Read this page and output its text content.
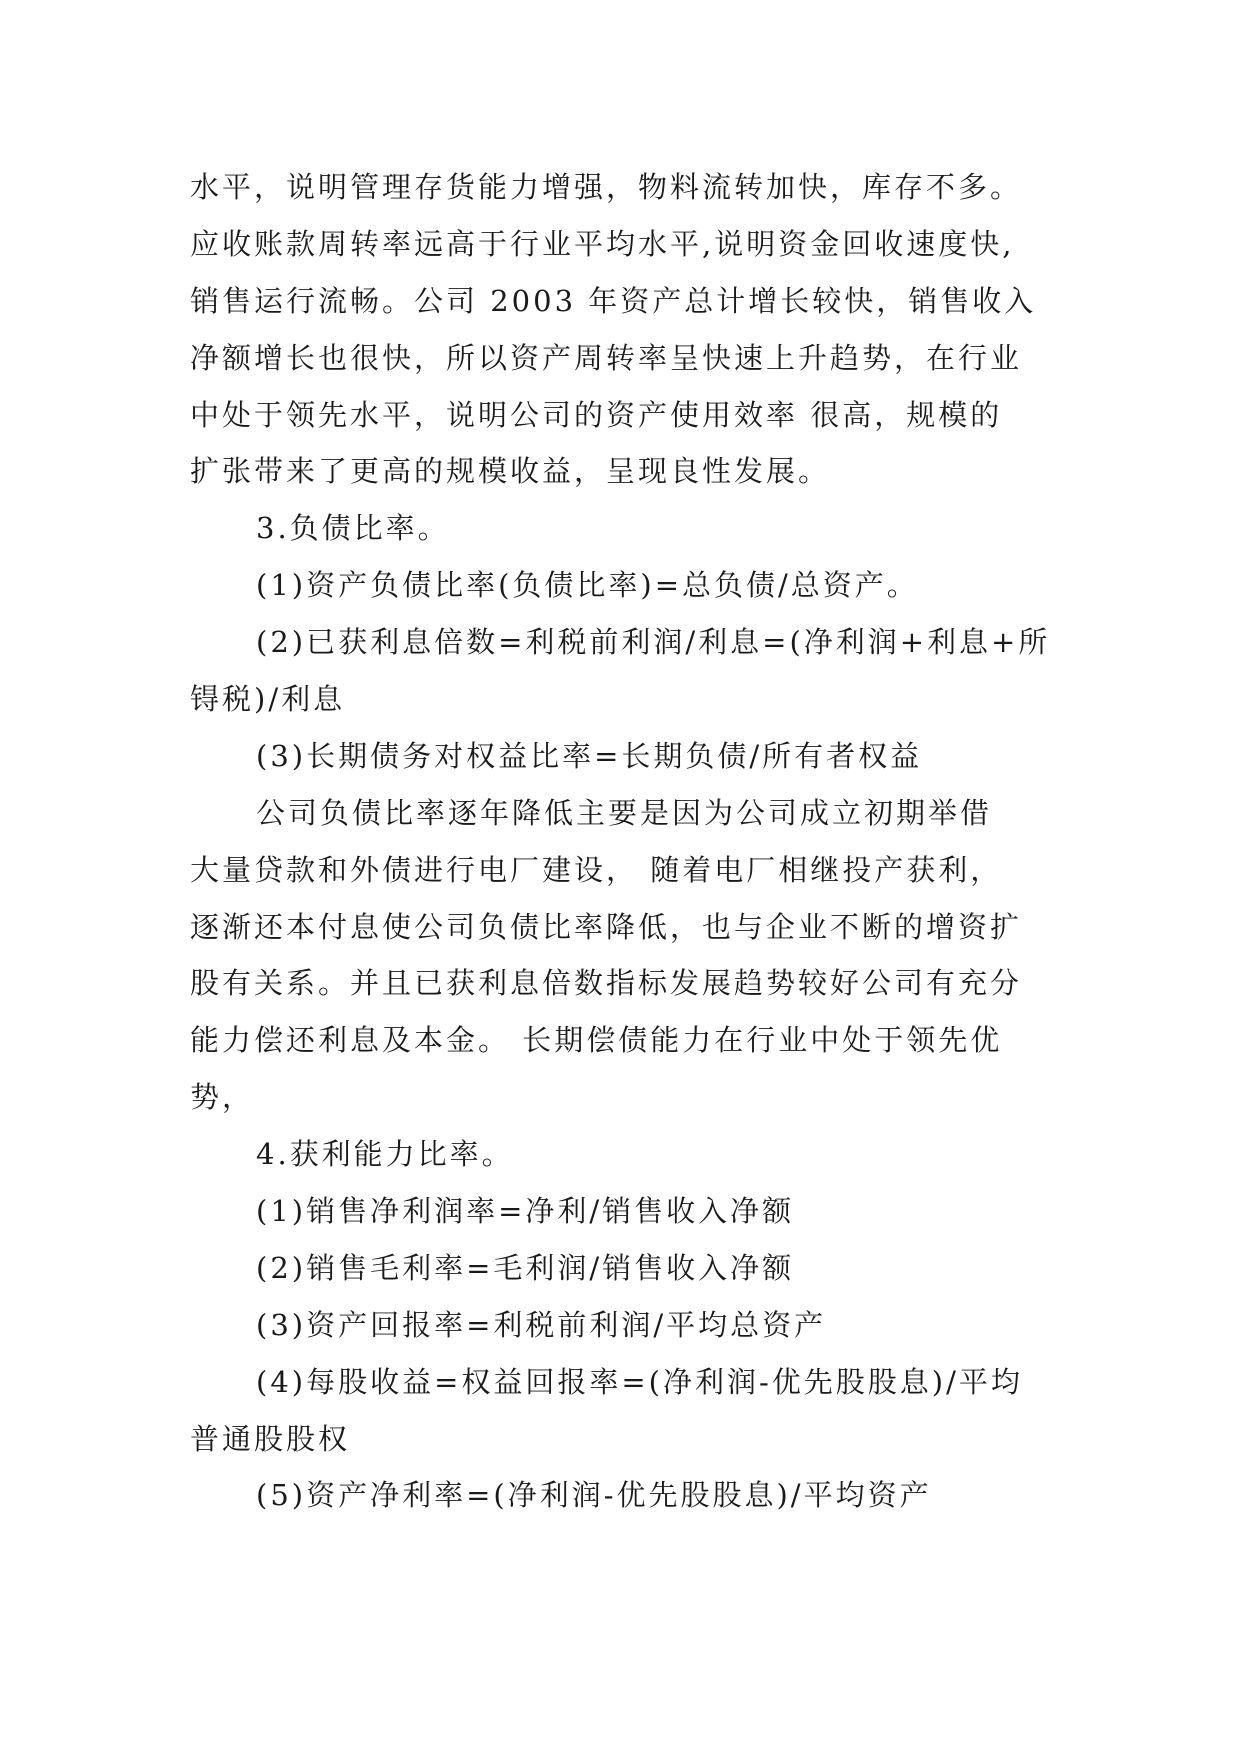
水平，说明管理存货能力增强，物料流转加快，库存不多。
应收账款周转率远高于行业平均水平,说明资金回收速度快,
销售运行流畅。公司 2003 年资产总计增长较快，销售收入
净额增长也很快，所以资产周转率呈快速上升趋势，在行业
中处于领先水平，说明公司的资产使用效率 很高，规模的
扩张带来了更高的规模收益，呈现良性发展。
3.负债比率。
(1)资产负债比率(负债比率)=总负债/总资产。
(2)已获利息倍数=利税前利润/利息=(净利润+利息+所
锝税)/利息
(3)长期债务对权益比率=长期负债/所有者权益
公司负债比率逐年降低主要是因为公司成立初期举借
大量贷款和外债进行电厂建设， 随着电厂相继投产获利，
逐渐还本付息使公司负债比率降低，也与企业不断的增资扩
股有关系。并且已获利息倍数指标发展趋势较好公司有充分
能力偿还利息及本金。 长期偿债能力在行业中处于领先优
势，
4.获利能力比率。
(1)销售净利润率=净利/销售收入净额
(2)销售毛利率=毛利润/销售收入净额
(3)资产回报率=利税前利润/平均总资产
(4)每股收益=权益回报率=(净利润-优先股股息)/平均
普通股股权
(5)资产净利率=(净利润-优先股股息)/平均资产
